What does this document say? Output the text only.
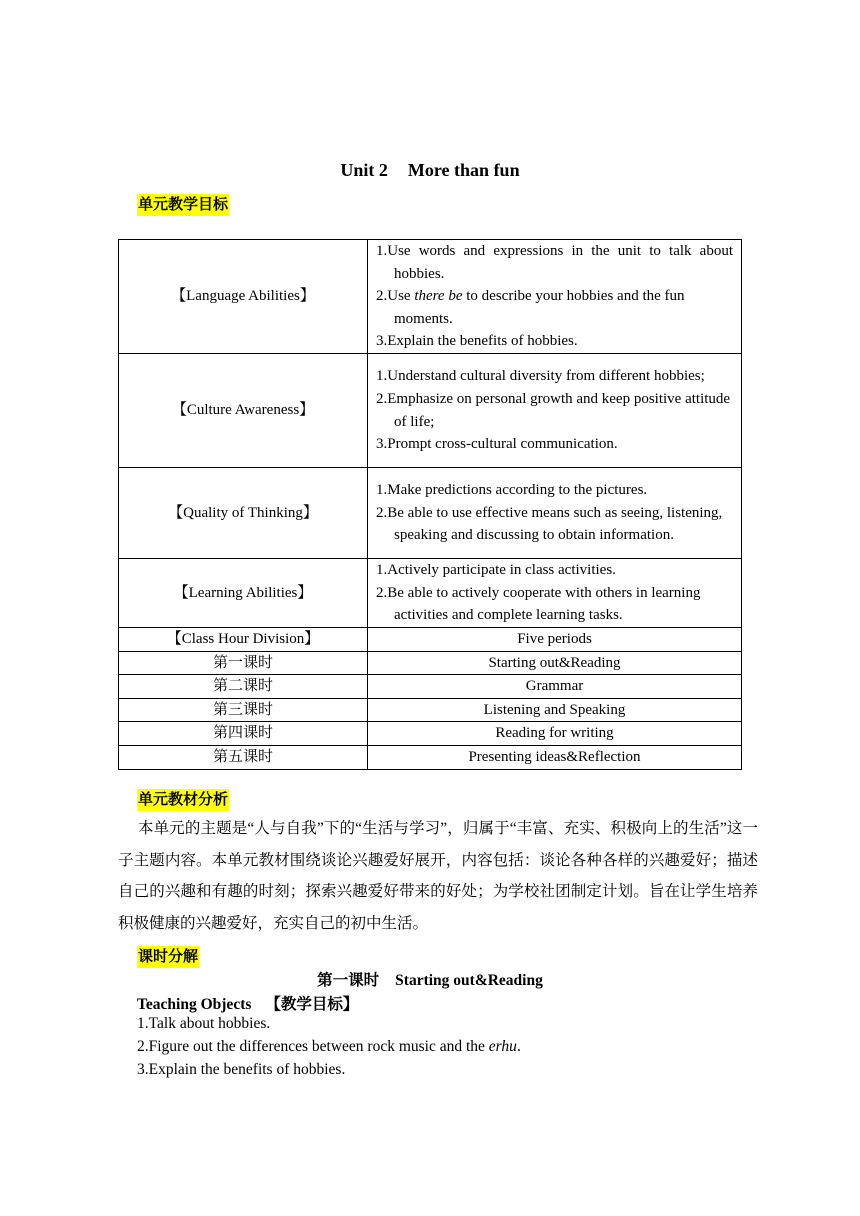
Unit 2 More than fun
单元教学目标
【Language Abilities】	1.Use words and expressions in the unit to talk about hobbies.
2.Use there be to describe your hobbies and the fun moments.
3.Explain the benefits of hobbies.

【Culture Awareness】	1.Understand cultural diversity from different hobbies;
2.Emphasize on personal growth and keep positive attitude of life;
3.Prompt cross-cultural communication.

【Quality of Thinking】	1.Make predictions according to the pictures.
2.Be able to use effective means such as seeing, listening, speaking and discussing to obtain information.

【Learning Abilities】	1.Actively participate in class activities.
2.Be able to actively cooperate with others in learning activities and complete learning tasks.

【Class Hour Division】	Five periods
第一课时	Starting out&Reading
第二课时	Grammar
第三课时	Listening and Speaking
第四课时	Reading for writing
第五课时	Presenting ideas&Reflection
单元教材分析
本单元的主题是“人与自我”下的“生活与学习”，归属于“丰富、充实、积极向上的生活”这一子主题内容。本单元教材围绕谈论兴趣爱好展开，内容包括：谈论各种各样的兴趣爱好；描述自己的兴趣和有趣的时刻；探索兴趣爱好带来的好处；为学校社团制定计划。旨在让学生培养积极健康的兴趣爱好，充实自己的初中生活。
课时分解
第一课时 Starting out&Reading
Teaching Objects 【教学目标】
1.Talk about hobbies.
2.Figure out the differences between rock music and the erhu.
3.Explain the benefits of hobbies.
